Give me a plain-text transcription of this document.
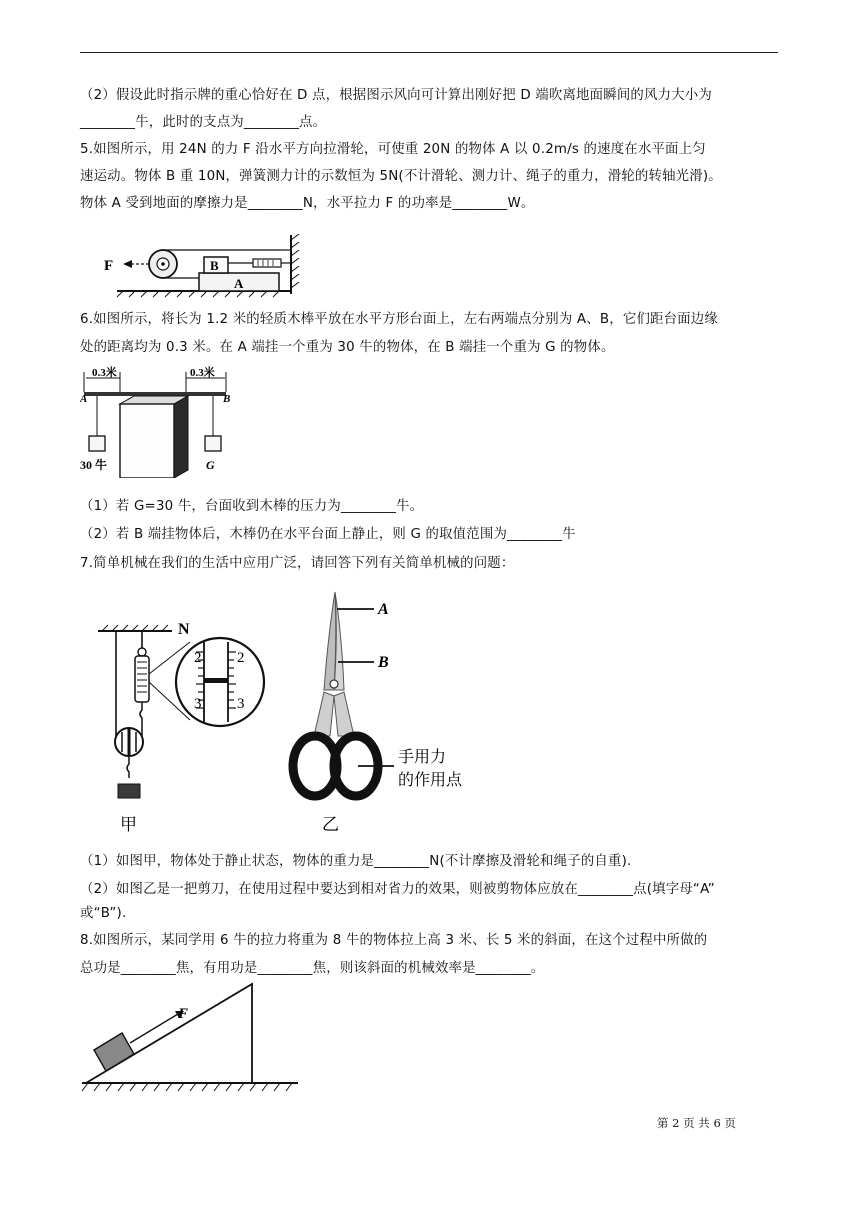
（2）假设此时指示牌的重心恰好在 D 点，根据图示风向可计算出刚好把 D 端吹离地面瞬间的风力大小为
________牛，此时的支点为________点。
5.如图所示，用 24N 的力 F 沿水平方向拉滑轮，可使重 20N 的物体 A 以 0.2m/s 的速度在水平面上匀
速运动。物体 B 重 10N，弹簧测力计的示数恒为 5N(不计滑轮、测力计、绳子的重力，滑轮的转轴光滑)。
物体 A 受到地面的摩擦力是________N，水平拉力 F 的功率是________W。
F	B
A
6.如图所示，将长为 1.2 米的轻质木棒平放在水平方形台面上，左右两端点分别为 A、B，它们距台面边缘
处的距离均为 0.3 米。在 A 端挂一个重为 30 牛的物体，在 B 端挂一个重为 G 的物体。
0.3米	0.3米
A	B
30 牛	G
（1）若 G=30 牛，台面收到木棒的压力为________牛。
（2）若 B 端挂物体后，木棒仍在水平台面上静止，则 G 的取值范围为________牛
7.简单机械在我们的生活中应用广泛，请回答下列有关简单机械的问题：
N
2 2
3 3
甲
A
B
手用力
的作用点
乙
（1）如图甲，物体处于静止状态，物体的重力是________N(不计摩擦及滑轮和绳子的自重).
（2）如图乙是一把剪刀，在使用过程中要达到相对省力的效果，则被剪物体应放在________点(填字母“A”
或“B”).
8.如图所示，某同学用 6 牛的拉力将重为 8 牛的物体拉上高 3 米、长 5 米的斜面，在这个过程中所做的
总功是________焦，有用功是________焦，则该斜面的机械效率是________。
F
第 2 页 共 6 页
